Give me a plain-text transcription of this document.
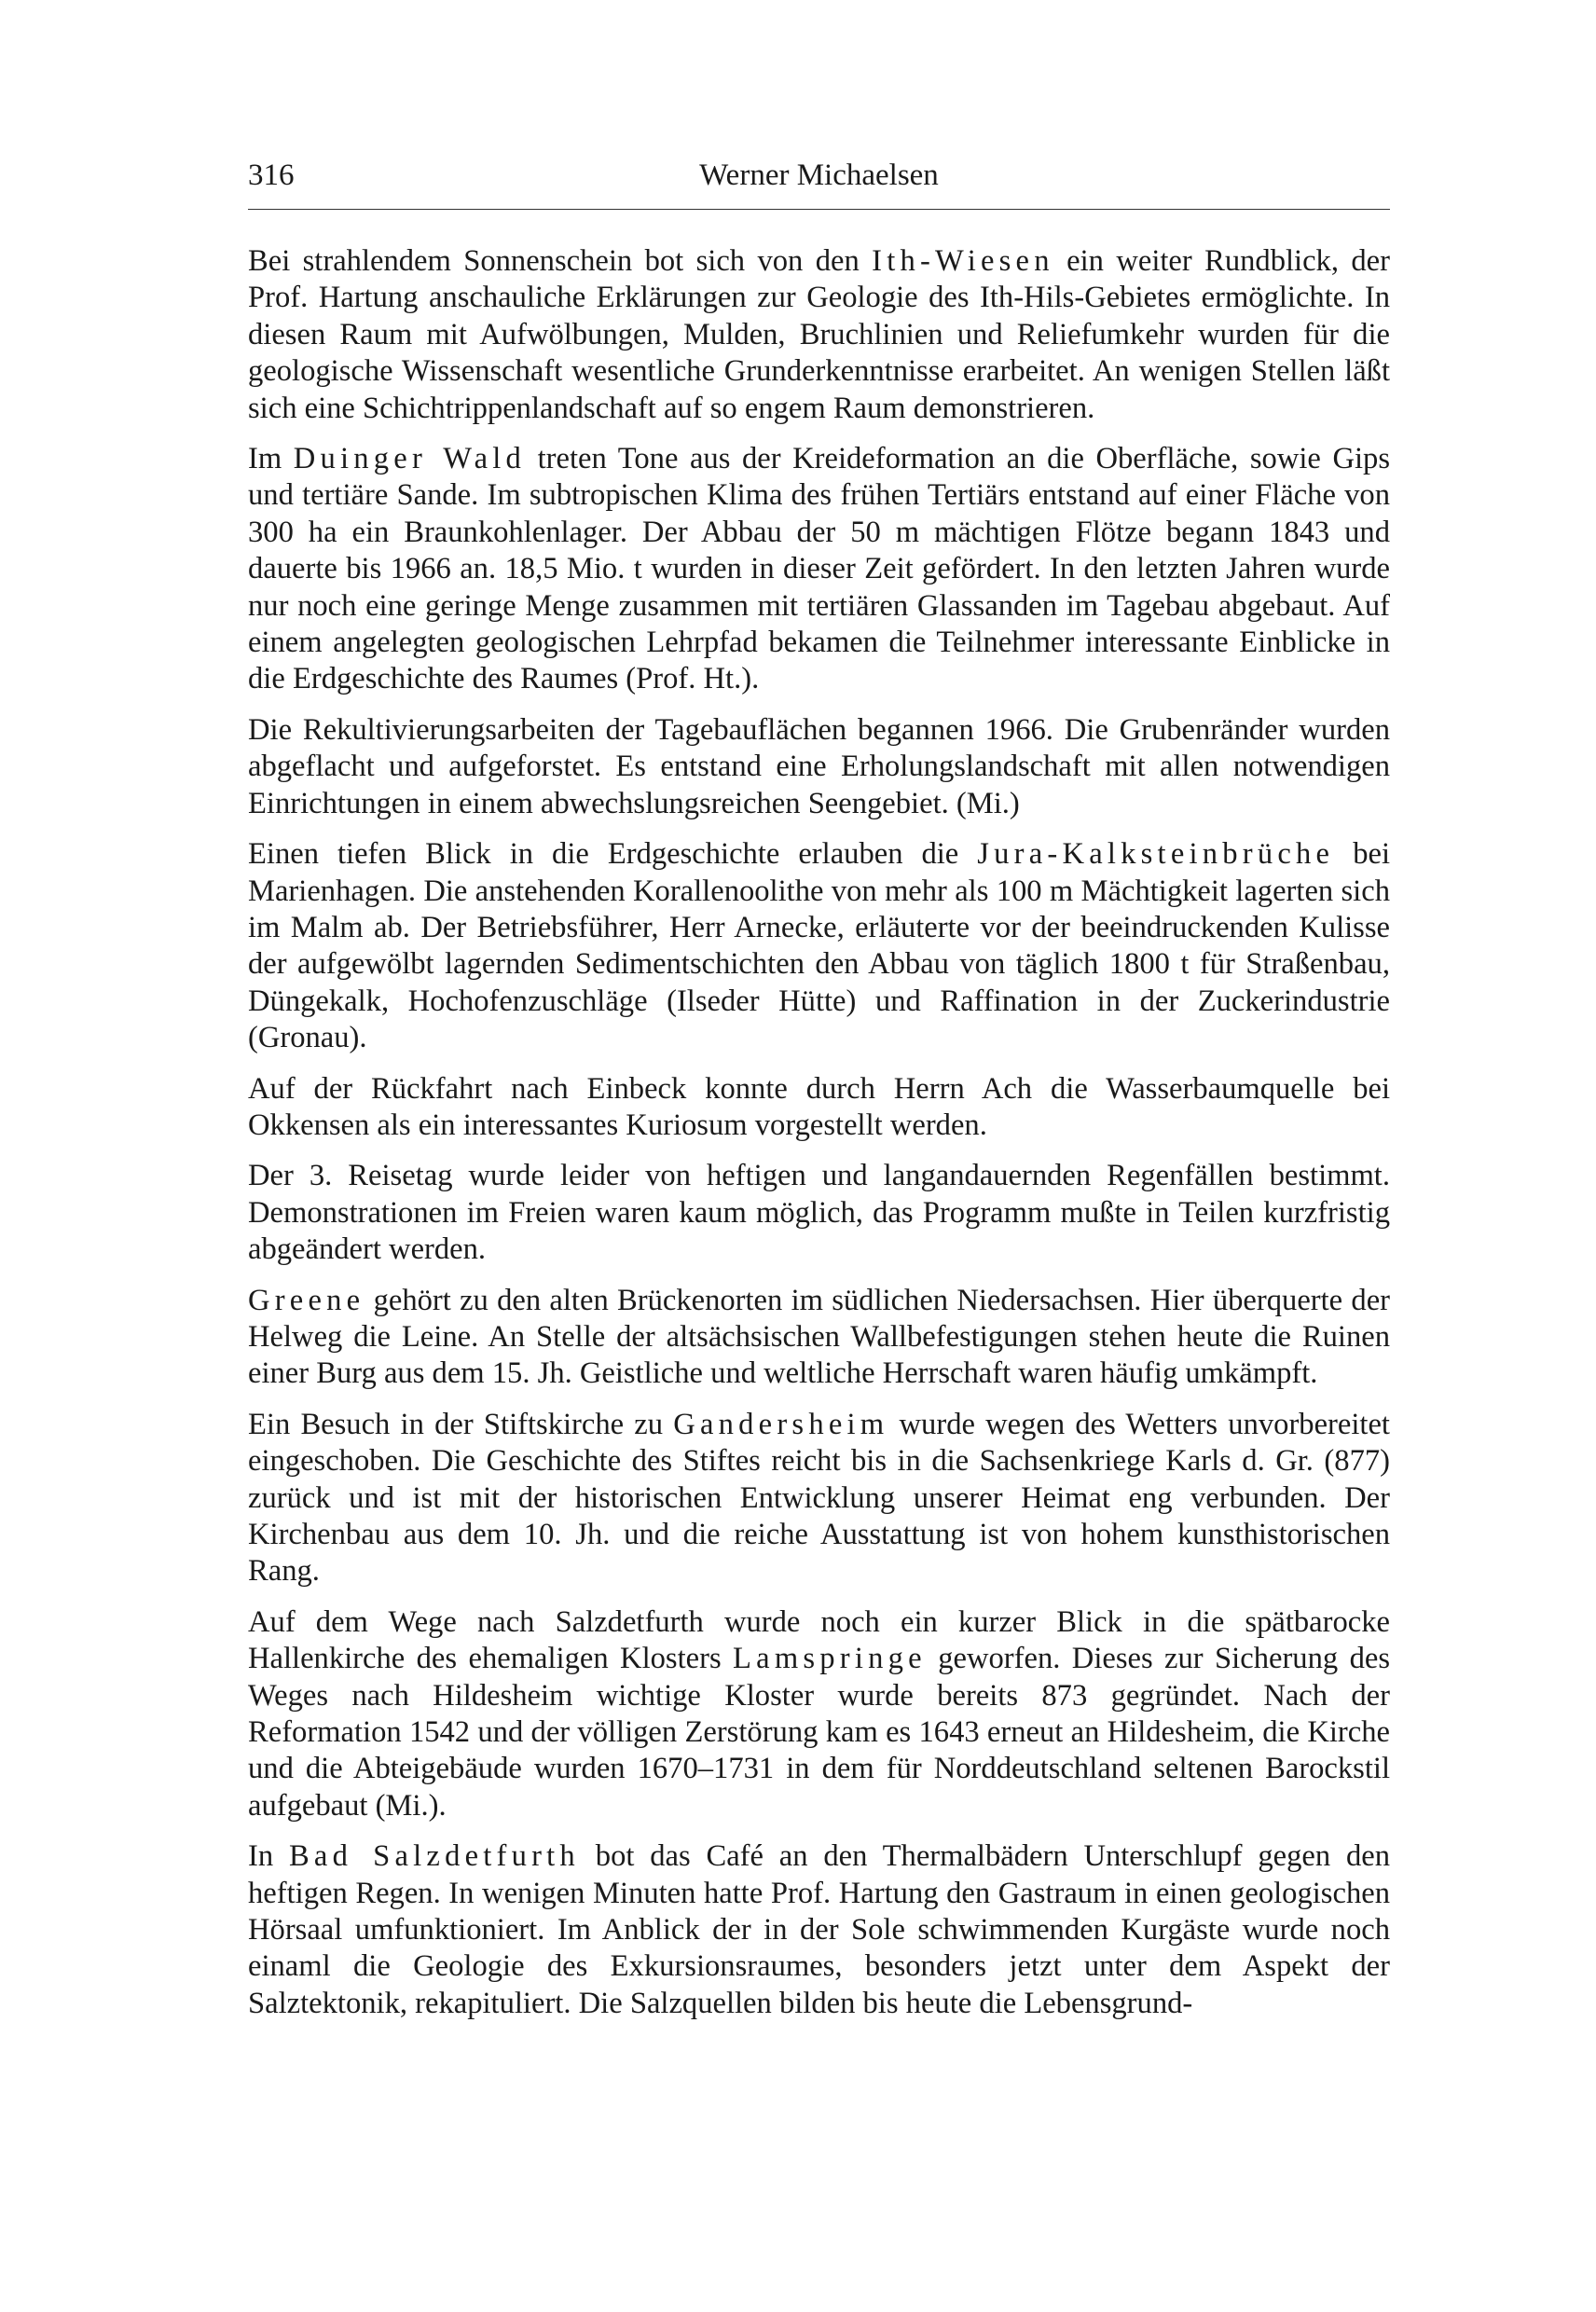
316	Werner Michaelsen

Bei strahlendem Sonnenschein bot sich von den Ith-Wiesen ein weiter Rundblick, der Prof. Hartung anschauliche Erklärungen zur Geologie des Ith-Hils-Gebietes ermöglichte. In diesen Raum mit Aufwölbungen, Mulden, Bruchlinien und Reliefumkehr wurden für die geologische Wissenschaft wesentliche Grunderkenntnisse erarbeitet. An wenigen Stellen läßt sich eine Schichtrippenlandschaft auf so engem Raum demonstrieren.

Im Duinger Wald treten Tone aus der Kreideformation an die Oberfläche, sowie Gips und tertiäre Sande. Im subtropischen Klima des frühen Tertiärs entstand auf einer Fläche von 300 ha ein Braunkohlenlager. Der Abbau der 50 m mächtigen Flötze begann 1843 und dauerte bis 1966 an. 18,5 Mio. t wurden in dieser Zeit gefördert. In den letzten Jahren wurde nur noch eine geringe Menge zusammen mit tertiären Glassanden im Tagebau abgebaut. Auf einem angelegten geologischen Lehrpfad bekamen die Teilnehmer interessante Einblicke in die Erdgeschichte des Raumes (Prof. Ht.).

Die Rekultivierungsarbeiten der Tagebauflächen begannen 1966. Die Grubenränder wurden abgeflacht und aufgeforstet. Es entstand eine Erholungslandschaft mit allen notwendigen Einrichtungen in einem abwechslungsreichen Seengebiet. (Mi.)

Einen tiefen Blick in die Erdgeschichte erlauben die Jura-Kalksteinbrüche bei Marienhagen. Die anstehenden Korallenoolithe von mehr als 100 m Mächtigkeit lagerten sich im Malm ab. Der Betriebsführer, Herr Arnecke, erläuterte vor der beeindruckenden Kulisse der aufgewölbt lagernden Sedimentschichten den Abbau von täglich 1800 t für Straßenbau, Düngekalk, Hochofenzuschläge (Ilseder Hütte) und Raffination in der Zuckerindustrie (Gronau).

Auf der Rückfahrt nach Einbeck konnte durch Herrn Ach die Wasserbaumquelle bei Okkensen als ein interessantes Kuriosum vorgestellt werden.

Der 3. Reisetag wurde leider von heftigen und langandauernden Regenfällen bestimmt. Demonstrationen im Freien waren kaum möglich, das Programm mußte in Teilen kurzfristig abgeändert werden.

Greene gehört zu den alten Brückenorten im südlichen Niedersachsen. Hier überquerte der Helweg die Leine. An Stelle der altsächsischen Wallbefestigungen stehen heute die Ruinen einer Burg aus dem 15. Jh. Geistliche und weltliche Herrschaft waren häufig umkämpft.

Ein Besuch in der Stiftskirche zu Gandersheim wurde wegen des Wetters unvorbereitet eingeschoben. Die Geschichte des Stiftes reicht bis in die Sachsenkriege Karls d. Gr. (877) zurück und ist mit der historischen Entwicklung unserer Heimat eng verbunden. Der Kirchenbau aus dem 10. Jh. und die reiche Ausstattung ist von hohem kunsthistorischen Rang.

Auf dem Wege nach Salzdetfurth wurde noch ein kurzer Blick in die spätbarocke Hallenkirche des ehemaligen Klosters Lamspringe geworfen. Dieses zur Sicherung des Weges nach Hildesheim wichtige Kloster wurde bereits 873 gegründet. Nach der Reformation 1542 und der völligen Zerstörung kam es 1643 erneut an Hildesheim, die Kirche und die Abteigebäude wurden 1670–1731 in dem für Norddeutschland seltenen Barockstil aufgebaut (Mi.).

In Bad Salzdetfurth bot das Café an den Thermalbädern Unterschlupf gegen den heftigen Regen. In wenigen Minuten hatte Prof. Hartung den Gastraum in einen geologischen Hörsaal umfunktioniert. Im Anblick der in der Sole schwimmenden Kurgäste wurde noch einaml die Geologie des Exkursionsraumes, besonders jetzt unter dem Aspekt der Salztektonik, rekapituliert. Die Salzquellen bilden bis heute die Lebensgrund-
